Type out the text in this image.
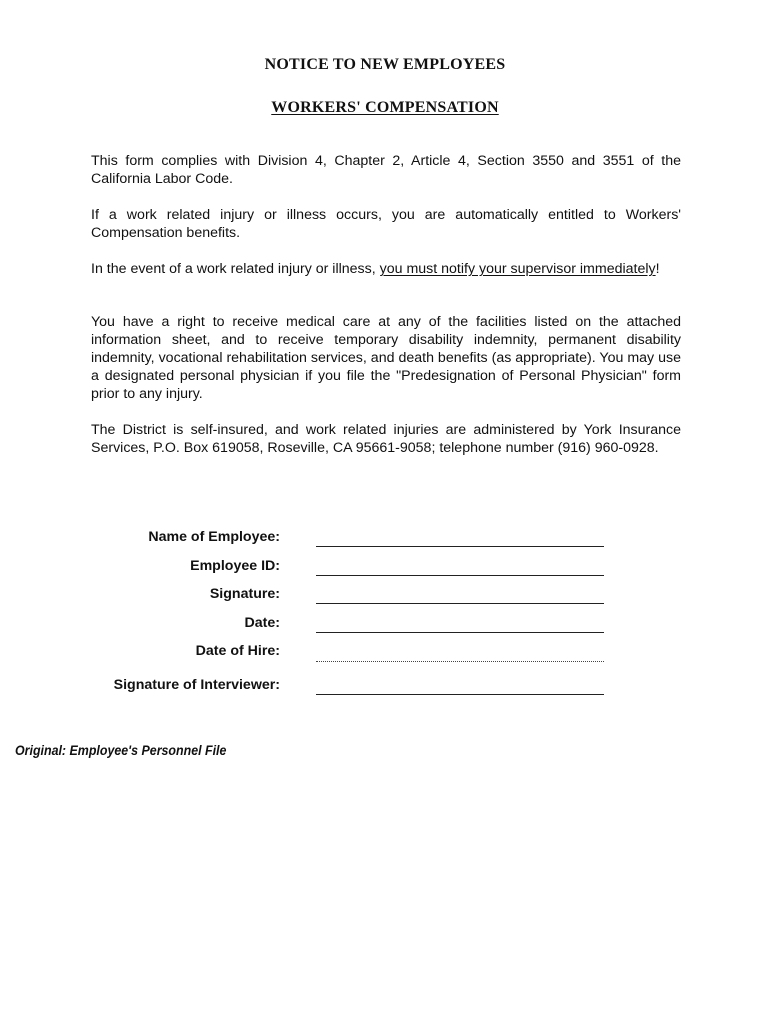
NOTICE TO NEW EMPLOYEES
WORKERS' COMPENSATION

This form complies with Division 4, Chapter 2, Article 4, Section 3550 and 3551 of the California Labor Code.

If a work related injury or illness occurs, you are automatically entitled to Workers' Compensation benefits.

In the event of a work related injury or illness, you must notify your supervisor immediately!

You have a right to receive medical care at any of the facilities listed on the attached information sheet, and to receive temporary disability indemnity, permanent disability indemnity, vocational rehabilitation services, and death benefits (as appropriate). You may use a designated personal physician if you file the "Predesignation of Personal Physician" form prior to any injury.

The District is self-insured, and work related injuries are administered by York Insurance Services, P.O. Box 619058, Roseville, CA 95661-9058; telephone number (916) 960-0928.

Name of Employee:
Employee ID:
Signature:
Date:
Date of Hire:
Signature of Interviewer:
Original: Employee's Personnel File
